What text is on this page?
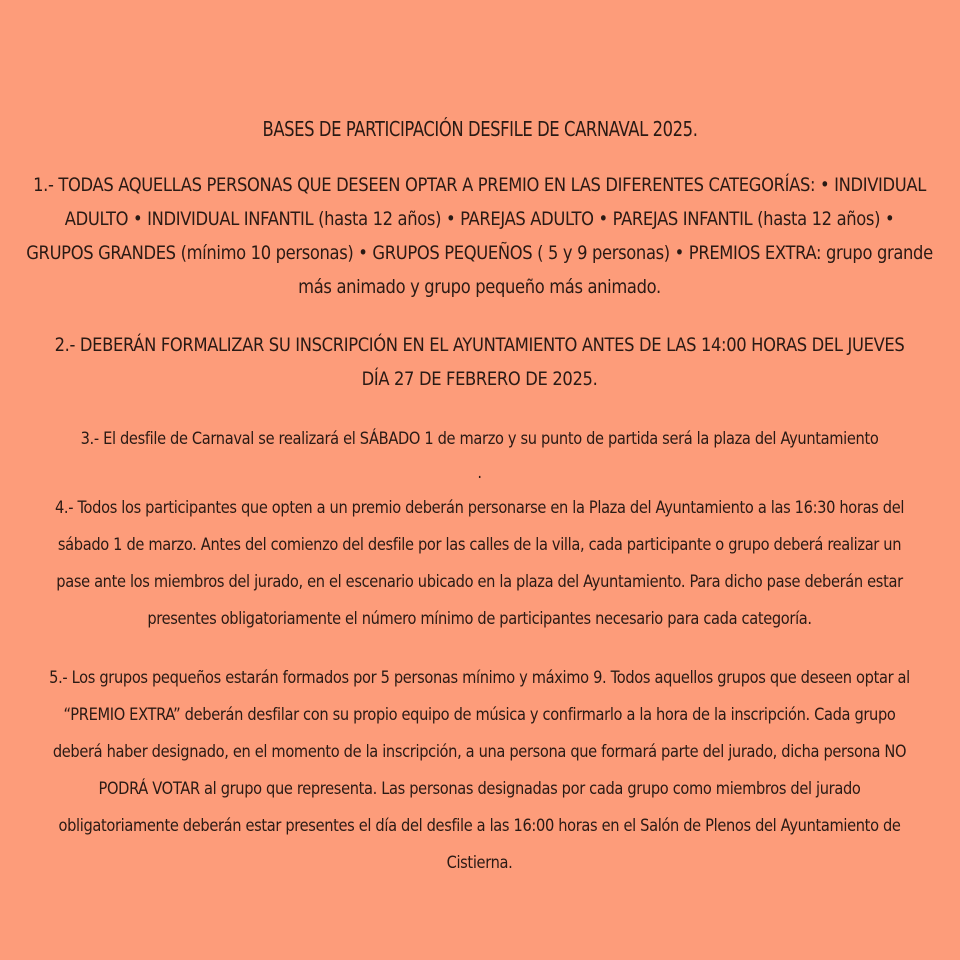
BASES DE PARTICIPACIÓN DESFILE DE CARNAVAL 2025.

1.- TODAS AQUELLAS PERSONAS QUE DESEEN OPTAR A PREMIO EN LAS DIFERENTES CATEGORÍAS: • INDIVIDUAL
ADULTO • INDIVIDUAL INFANTIL (hasta 12 años) • PAREJAS ADULTO • PAREJAS INFANTIL (hasta 12 años) •
GRUPOS GRANDES (mínimo 10 personas) • GRUPOS PEQUEÑOS ( 5 y 9 personas) • PREMIOS EXTRA: grupo grande
más animado y grupo pequeño más animado.

2.- DEBERÁN FORMALIZAR SU INSCRIPCIÓN EN EL AYUNTAMIENTO ANTES DE LAS 14:00 HORAS DEL JUEVES
DÍA 27 DE FEBRERO DE 2025.

3.- El desfile de Carnaval se realizará el SÁBADO 1 de marzo y su punto de partida será la plaza del Ayuntamiento
.

4.- Todos los participantes que opten a un premio deberán personarse en la Plaza del Ayuntamiento a las 16:30 horas del
sábado 1 de marzo. Antes del comienzo del desfile por las calles de la villa, cada participante o grupo deberá realizar un
pase ante los miembros del jurado, en el escenario ubicado en la plaza del Ayuntamiento. Para dicho pase deberán estar
presentes obligatoriamente el número mínimo de participantes necesario para cada categoría.

5.- Los grupos pequeños estarán formados por 5 personas mínimo y máximo 9. Todos aquellos grupos que deseen optar al
“PREMIO EXTRA” deberán desfilar con su propio equipo de música y confirmarlo a la hora de la inscripción. Cada grupo
deberá haber designado, en el momento de la inscripción, a una persona que formará parte del jurado, dicha persona NO
PODRÁ VOTAR al grupo que representa. Las personas designadas por cada grupo como miembros del jurado
obligatoriamente deberán estar presentes el día del desfile a las 16:00 horas en el Salón de Plenos del Ayuntamiento de
Cistierna.
